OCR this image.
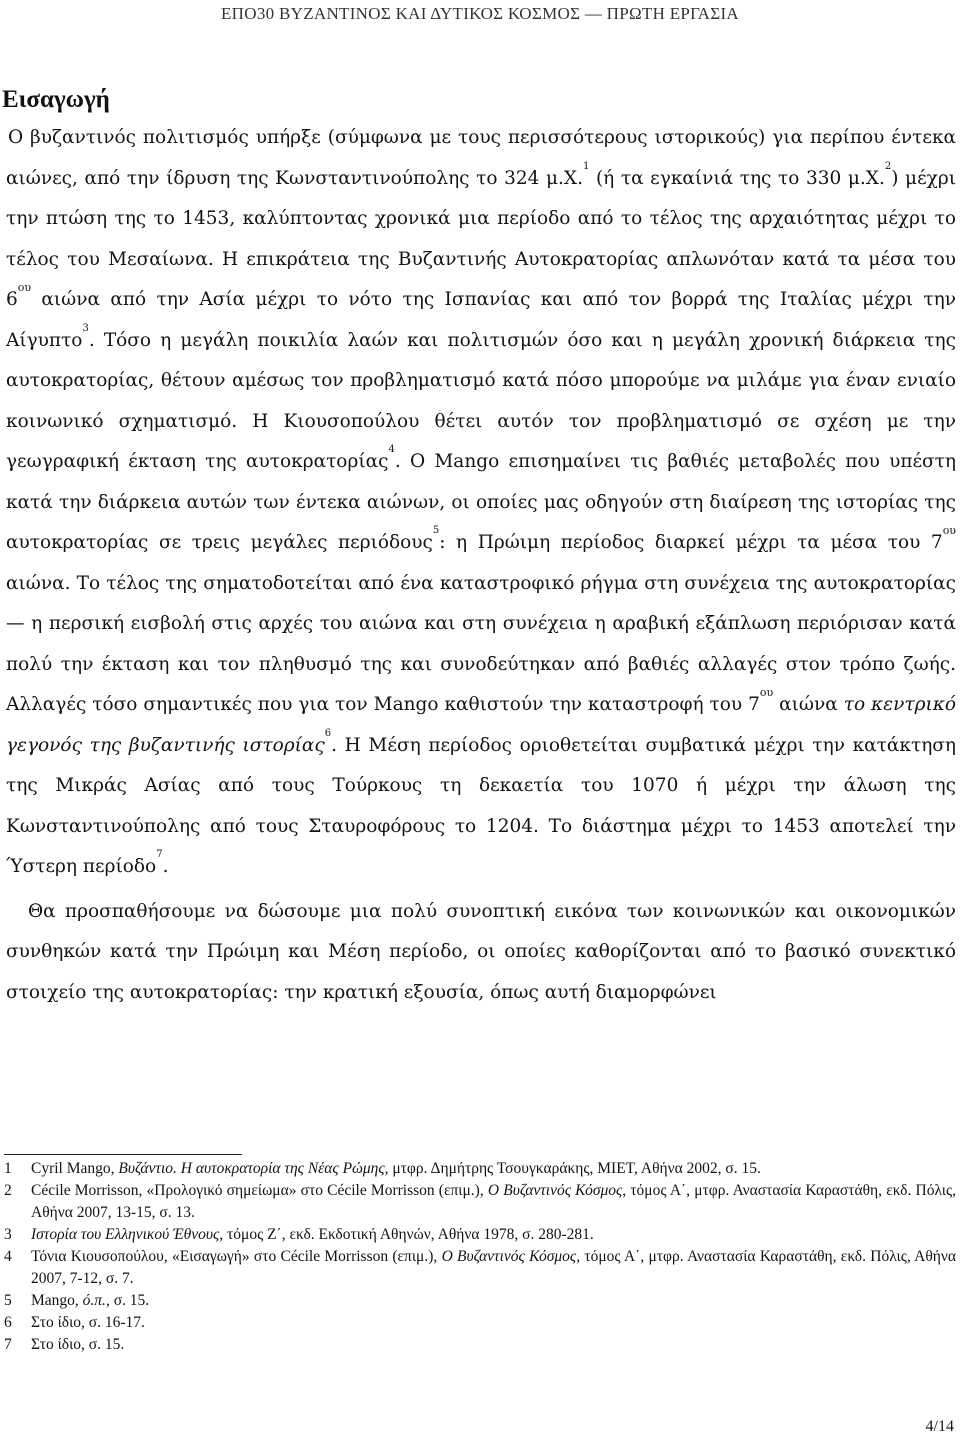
ΕΠΟ30 ΒΥΖΑΝΤΙΝΟΣ ΚΑΙ ΔΥΤΙΚΟΣ ΚΟΣΜΟΣ — ΠΡΩΤΗ ΕΡΓΑΣΙΑ
Εισαγωγή

Ο βυζαντινός πολιτισμός υπήρξε (σύμφωνα με τους περισσότερους ιστορικούς) για περίπου έντεκα αιώνες, από την ίδρυση της Κωνσταντινούπολης το 324 μ.Χ.$^1$ (ή τα εγκαίνιά της το 330 μ.Χ.$^2$) μέχρι την πτώση της το 1453, καλύπτοντας χρονικά μια περίοδο από το τέλος της αρχαιότητας μέχρι το τέλος του Μεσαίωνα. Η επικράτεια της Βυζαντινής Αυτοκρατορίας απλωνόταν κατά τα μέσα του $6^{o\upsilon}$ αιώνα από την Ασία μέχρι το νότο της Ισπανίας και από τον βορρά της Ιταλίας μέχρι την Αίγυπτο$^3$. Τόσο η μεγάλη ποικιλία λαών και πολιτισμών όσο και η μεγάλη χρονική διάρκεια της αυτοκρατορίας, θέτουν αμέσως τον προβληματισμό κατά πόσο μπορούμε να μιλάμε για έναν ενιαίο κοινωνικό σχηματισμό. Η Κιουσοπούλου θέτει αυτόν τον προβληματισμό σε σχέση με την γεωγραφική έκταση της αυτοκρατορίας$^4$. Ο Mango επισημαίνει τις βαθιές μεταβολές που υπέστη κατά την διάρκεια αυτών των έντεκα αιώνων, οι οποίες μας οδηγούν στη διαίρεση της ιστορίας της αυτοκρατορίας σε τρεις μεγάλες περιόδους$^5$: η Πρώιμη περίοδος διαρκεί μέχρι τα μέσα του $7^{o\upsilon}$ αιώνα. Το τέλος της σηματοδοτείται από ένα καταστροφικό ρήγμα στη συνέχεια της αυτοκρατορίας — η περσική εισβολή στις αρχές του αιώνα και στη συνέχεια η αραβική εξάπλωση περιόρισαν κατά πολύ την έκταση και τον πληθυσμό της και συνοδεύτηκαν από βαθιές αλλαγές στον τρόπο ζωής. Αλλαγές τόσο σημαντικές που για τον Mango καθιστούν την καταστροφή του $7^{o\upsilon}$ αιώνα το κεντρικό γεγονός της βυζαντινής ιστορίας$^6$. Η Μέση περίοδος οριοθετείται συμβατικά μέχρι την κατάκτηση της Μικράς Ασίας από τους Τούρκους τη δεκαετία του 1070 ή μέχρι την άλωση της Κωνσταντινούπολης από τους Σταυροφόρους το 1204. Το διάστημα μέχρι το 1453 αποτελεί την Ύστερη περίοδο$^7$.

Θα προσπαθήσουμε να δώσουμε μια πολύ συνοπτική εικόνα των κοινωνικών και οικονομικών συνθηκών κατά την Πρώιμη και Μέση περίοδο, οι οποίες καθορίζονται από το βασικό συνεκτικό στοιχείο της αυτοκρατορίας: την κρατική εξουσία, όπως αυτή διαμορφώνει

1	Cyril Mango, Βυζάντιο. Η αυτοκρατορία της Νέας Ρώμης, μτφρ. Δημήτρης Τσουγκαράκης, ΜΙΕΤ, Αθήνα 2002, σ. 15.
2	Cécile Morrisson, «Προλογικό σημείωμα» στο Cécile Morrisson (επιμ.), Ο Βυζαντινός Κόσμος, τόμος Α΄, μτφρ. Αναστασία Καραστάθη, εκδ. Πόλις, Αθήνα 2007, 13-15, σ. 13.
3	Ιστορία του Ελληνικού Έθνους, τόμος Ζ΄, εκδ. Εκδοτική Αθηνών, Αθήνα 1978, σ. 280-281.
4	Τόνια Κιουσοπούλου, «Εισαγωγή» στο Cécile Morrisson (επιμ.), Ο Βυζαντινός Κόσμος, τόμος Α΄, μτφρ. Αναστασία Καραστάθη, εκδ. Πόλις, Αθήνα 2007, 7-12, σ. 7.
5	Mango, ό.π., σ. 15.
6	Στο ίδιο, σ. 16-17.
7	Στο ίδιο, σ. 15.
4/14
